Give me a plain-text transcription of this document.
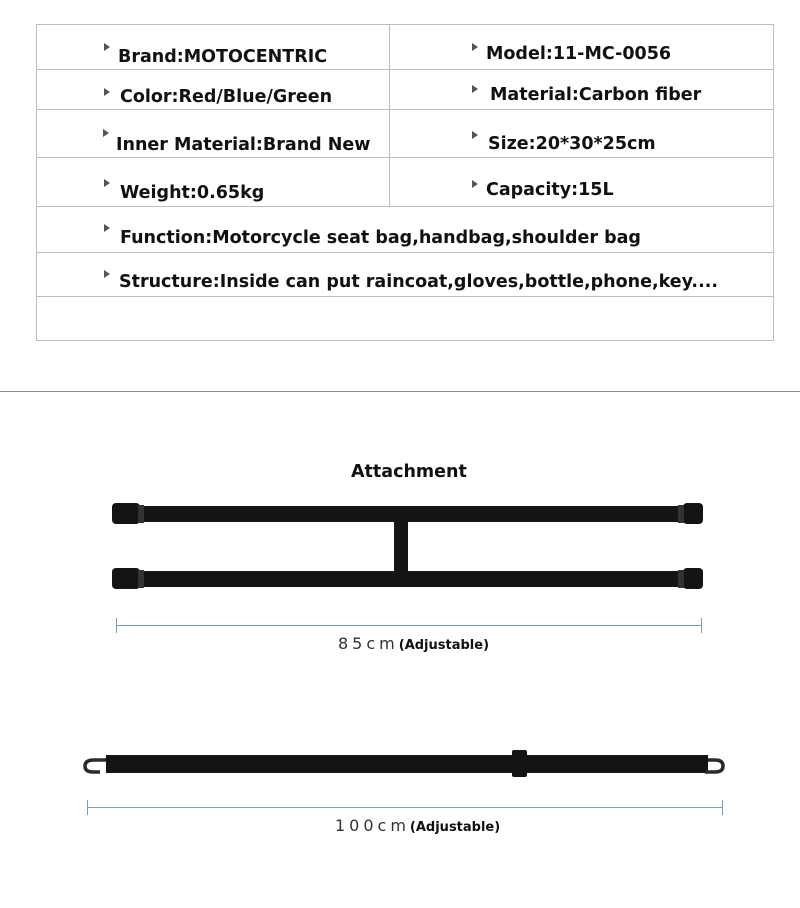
Brand:MOTOCENTRIC	Model:11-MC-0056
Color:Red/Blue/Green	Material:Carbon fiber
Inner Material:Brand New	Size:20*30*25cm
Weight:0.65kg	Capacity:15L
Function:Motorcycle seat bag,handbag,shoulder bag
Structure:Inside can put raincoat,gloves,bottle,phone,key....
Attachment
85cm(Adjustable)
100cm(Adjustable)
